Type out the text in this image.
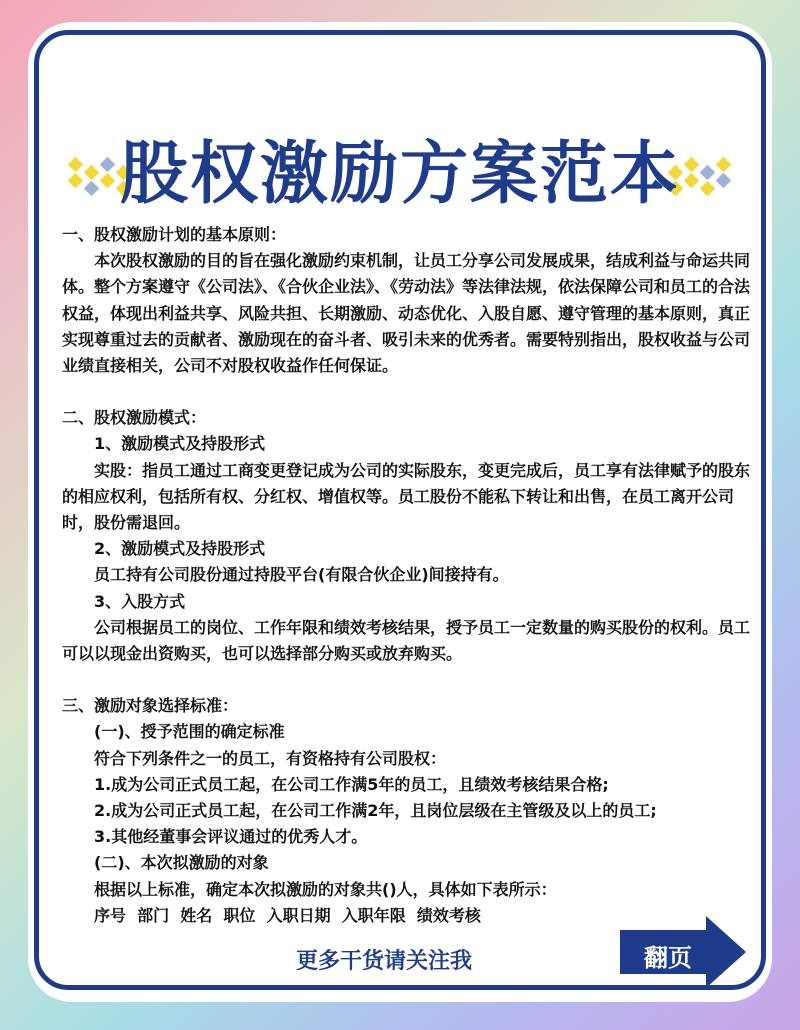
股权激励方案范本

一、股权激励计划的基本原则：

本次股权激励的目的旨在强化激励约束机制，让员工分享公司发展成果，结成利益与命运共同体。整个方案遵守《公司法》、《合伙企业法》、《劳动法》等法律法规，依法保障公司和员工的合法权益，体现出利益共享、风险共担、长期激励、动态优化、入股自愿、遵守管理的基本原则，真正实现尊重过去的贡献者、激励现在的奋斗者、吸引未来的优秀者。需要特别指出，股权收益与公司业绩直接相关，公司不对股权收益作任何保证。

二、股权激励模式：

1、激励模式及持股形式

实股：指员工通过工商变更登记成为公司的实际股东，变更完成后，员工享有法律赋予的股东的相应权利，包括所有权、分红权、增值权等。员工股份不能私下转让和出售，在员工离开公司时，股份需退回。

2、激励模式及持股形式

员工持有公司股份通过持股平台(有限合伙企业)间接持有。

3、入股方式

公司根据员工的岗位、工作年限和绩效考核结果，授予员工一定数量的购买股份的权利。员工可以以现金出资购买，也可以选择部分购买或放弃购买。

三、激励对象选择标准：

(一)、授予范围的确定标准

符合下列条件之一的员工，有资格持有公司股权：

1.成为公司正式员工起，在公司工作满5年的员工，且绩效考核结果合格;

2.成为公司正式员工起，在公司工作满2年，且岗位层级在主管级及以上的员工;

3.其他经董事会评议通过的优秀人才。

(二)、本次拟激励的对象

根据以上标准，确定本次拟激励的对象共()人，具体如下表所示：

序号  部门  姓名  职位  入职日期  入职年限  绩效考核

更多干货请关注我	翻页
